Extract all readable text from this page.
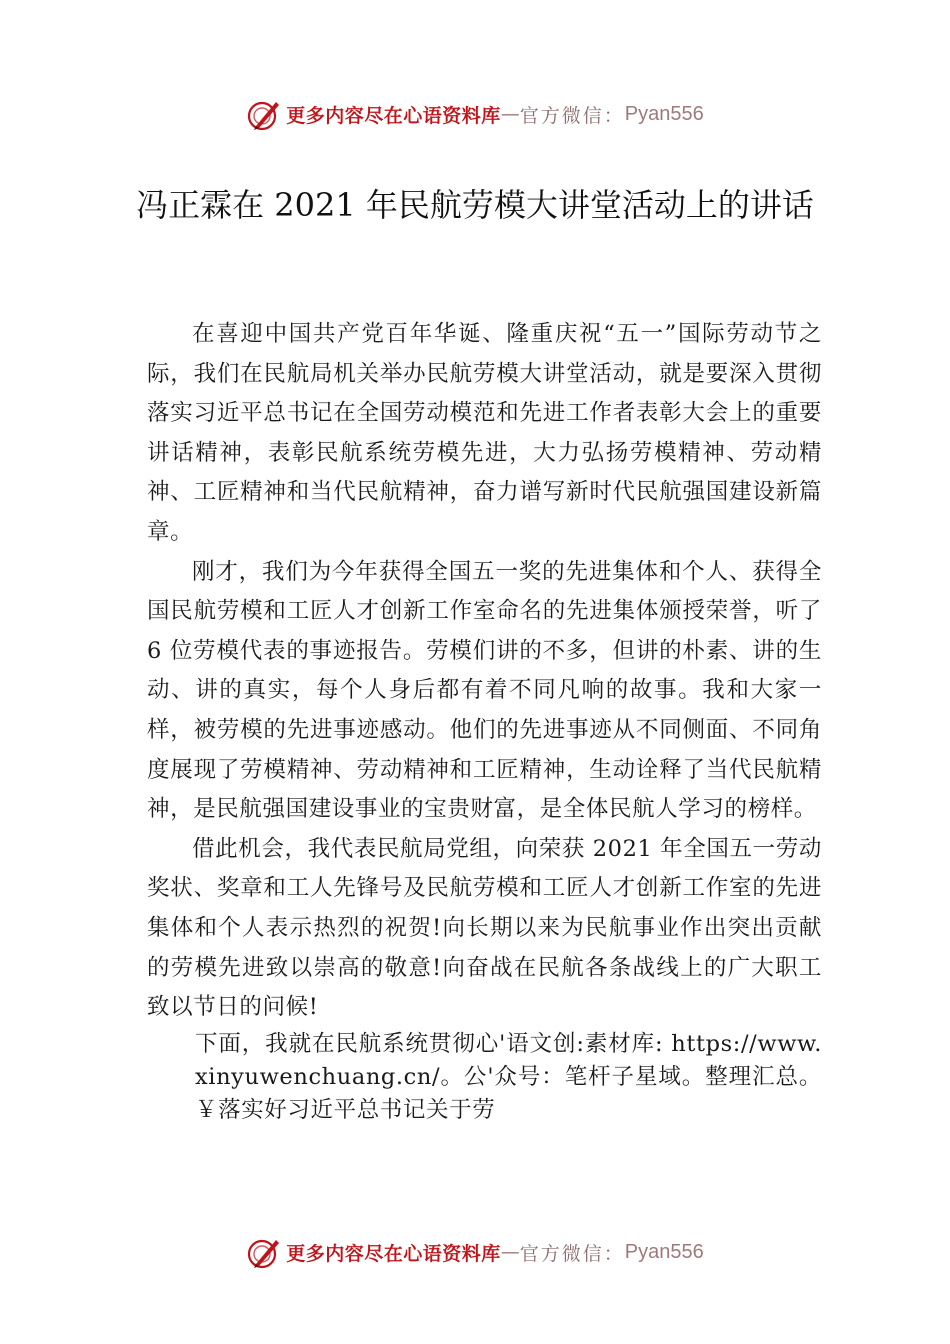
更多内容尽在心语资料库 — 官方微信： Pyan556
冯正霖在 2021 年民航劳模大讲堂活动上的讲话

在喜迎中国共产党百年华诞、隆重庆祝“五一”国际劳动节之际，我们在民航局机关举办民航劳模大讲堂活动，就是要深入贯彻落实习近平总书记在全国劳动模范和先进工作者表彰大会上的重要讲话精神，表彰民航系统劳模先进，大力弘扬劳模精神、劳动精神、工匠精神和当代民航精神，奋力谱写新时代民航强国建设新篇章。

刚才，我们为今年获得全国五一奖的先进集体和个人、获得全国民航劳模和工匠人才创新工作室命名的先进集体颁授荣誉，听了 6 位劳模代表的事迹报告。劳模们讲的不多，但讲的朴素、讲的生动、讲的真实，每个人身后都有着不同凡响的故事。我和大家一样，被劳模的先进事迹感动。他们的先进事迹从不同侧面、不同角度展现了劳模精神、劳动精神和工匠精神，生动诠释了当代民航精神，是民航强国建设事业的宝贵财富，是全体民航人学习的榜样。

借此机会，我代表民航局党组，向荣获 2021 年全国五一劳动奖状、奖章和工人先锋号及民航劳模和工匠人才创新工作室的先进集体和个人表示热烈的祝贺!向长期以来为民航事业作出突出贡献的劳模先进致以崇高的敬意!向奋战在民航各条战线上的广大职工致以节日的问候!

下面，我就在民航系统贯彻心'语文创:素材库: https://www.xinyuwenchuang.cn/。公'众号：笔杆子星域。整理汇总。￥落实好习近平总书记关于劳

更多内容尽在心语资料库 — 官方微信： Pyan556
